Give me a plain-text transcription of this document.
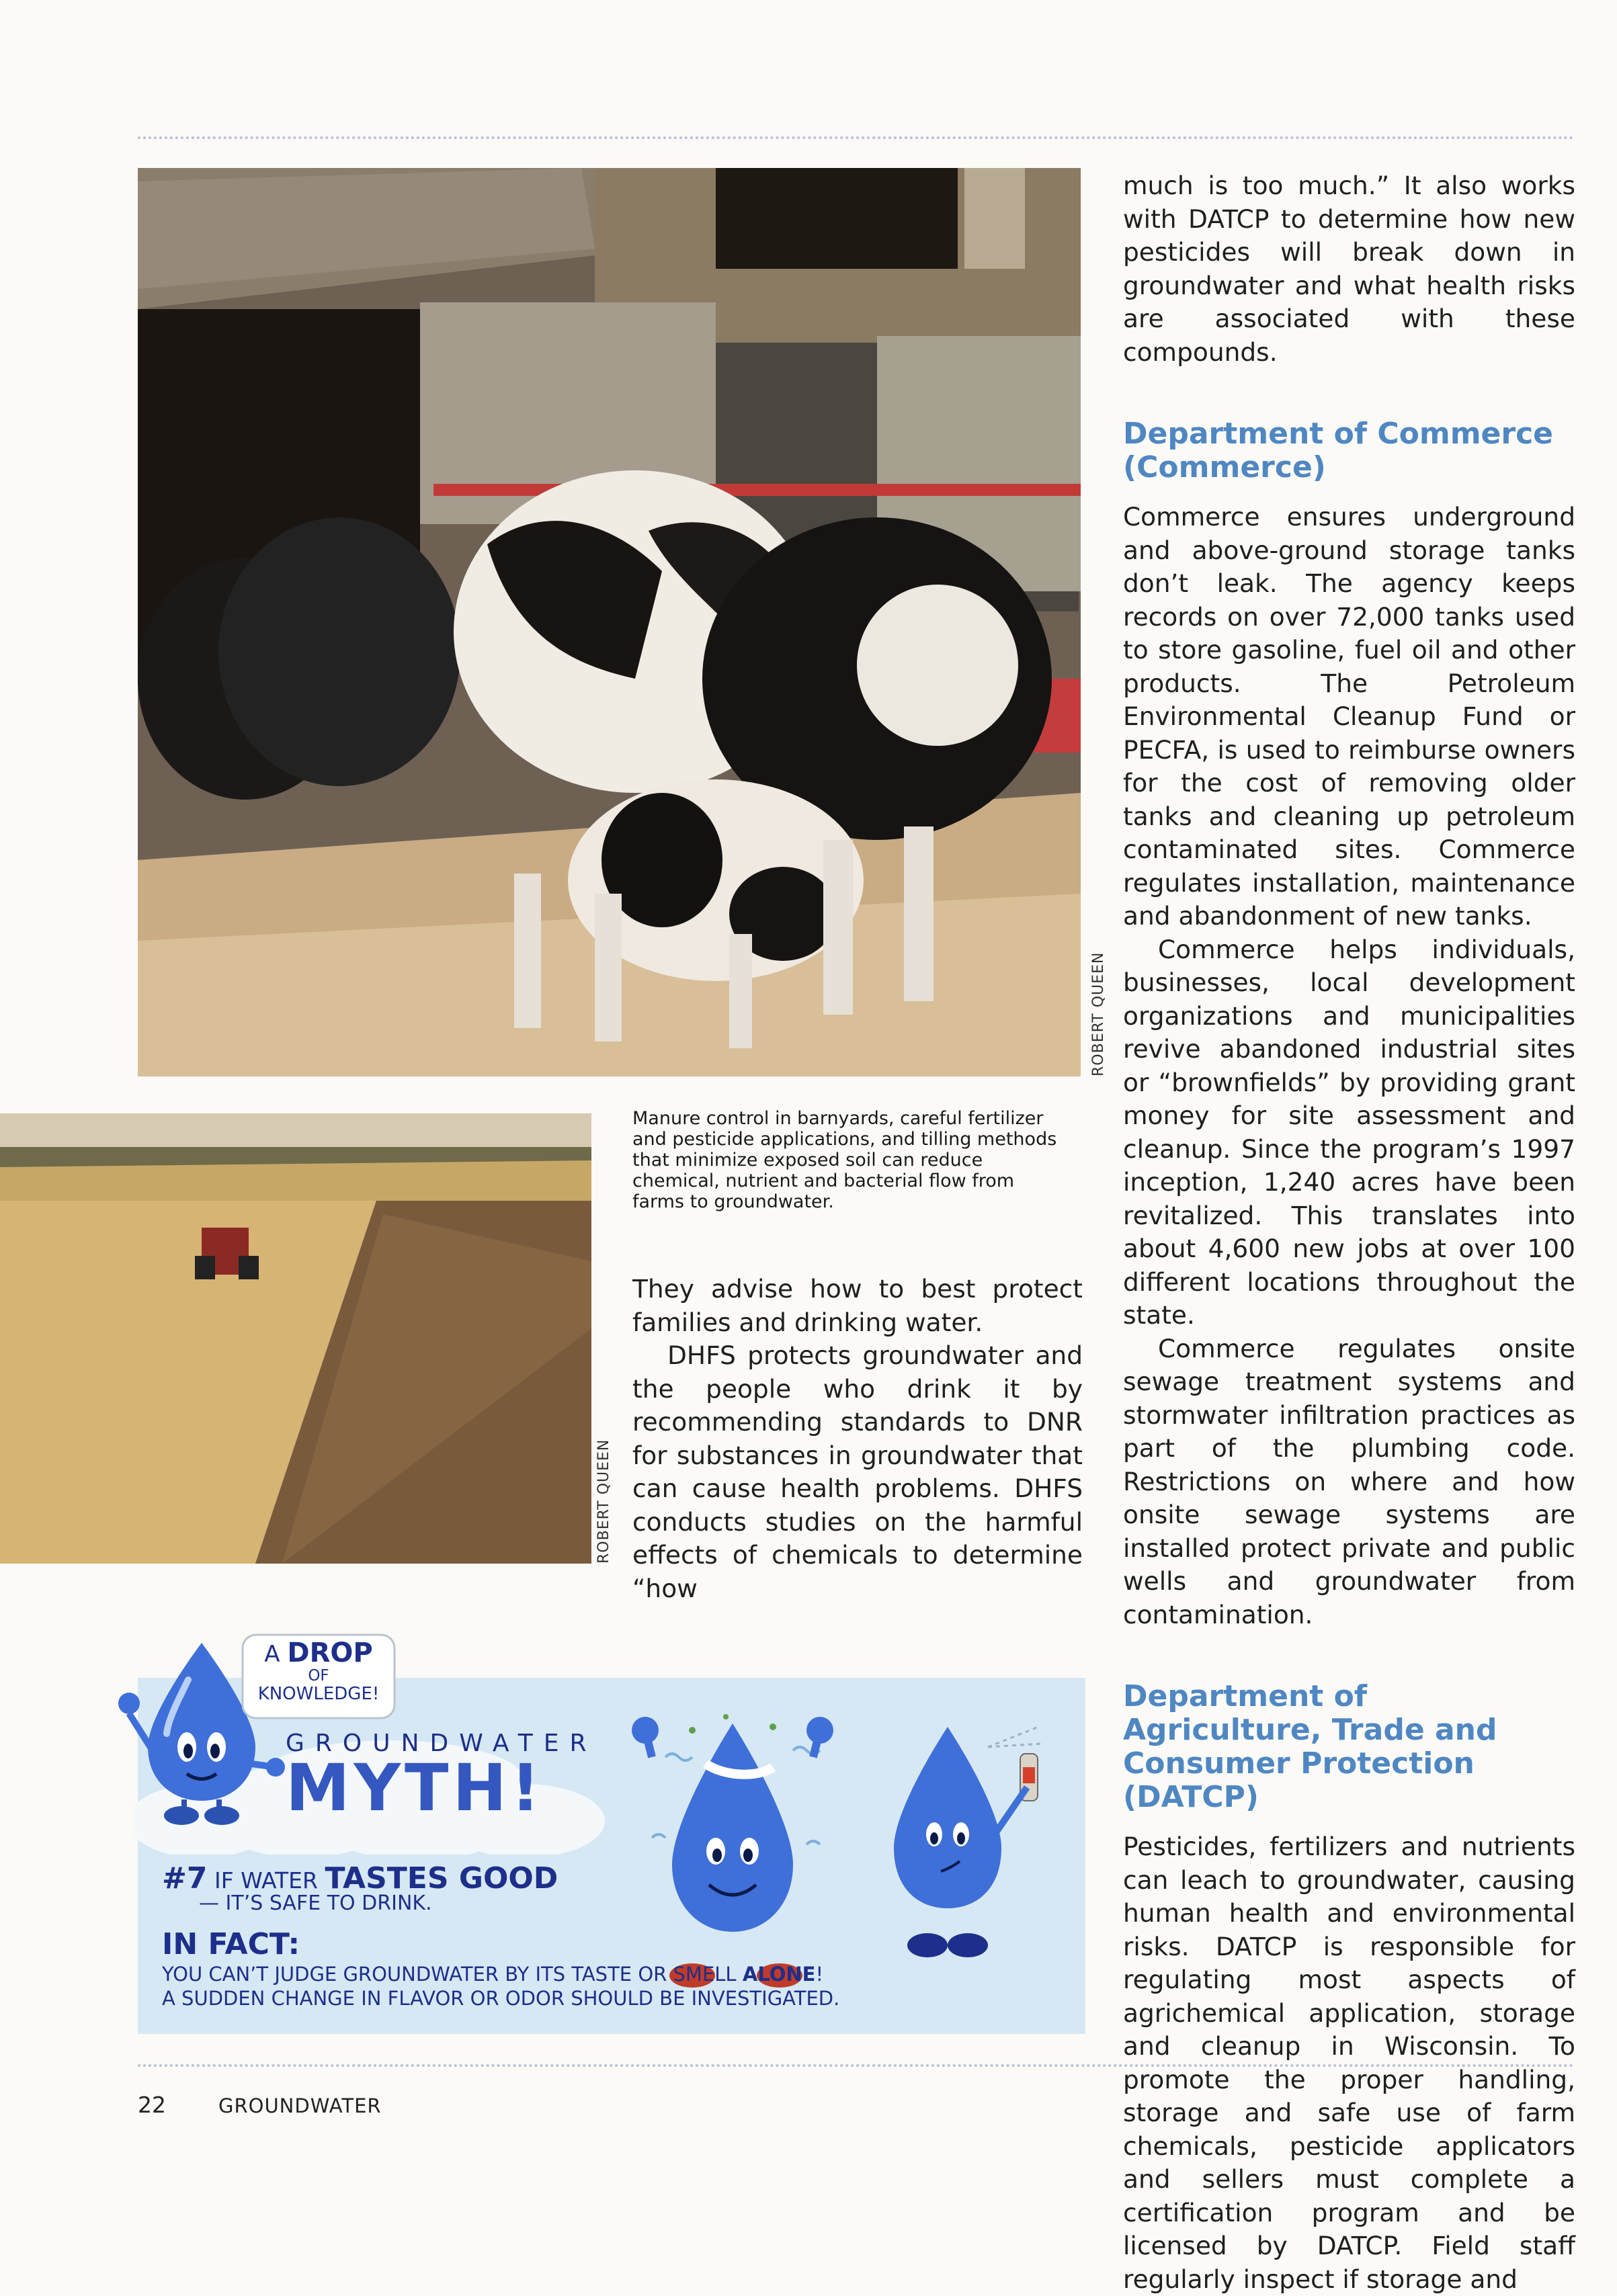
ROBERT QUEEN
ROBERT QUEEN
Manure control in barnyards, careful fertilizer and pesticide applications, and tilling methods that minimize exposed soil can reduce chemical, nutrient and bacterial flow from farms to groundwater.

They advise how to best protect families and drinking water.

DHFS protects groundwater and the people who drink it by recommending standards to DNR for substances in groundwater that can cause health problems. DHFS conducts studies on the harmful effects of chemicals to determine “how

much is too much.” It also works with DATCP to determine how new pesticides will break down in groundwater and what health risks are associated with these compounds.

Department of Commerce (Commerce)

Commerce ensures underground and above-ground storage tanks don’t leak. The agency keeps records on over 72,000 tanks used to store gasoline, fuel oil and other products. The Petroleum Environmental Cleanup Fund or PECFA, is used to reimburse owners for the cost of removing older tanks and cleaning up petroleum contaminated sites. Commerce regulates installation, maintenance and abandonment of new tanks.

Commerce helps individuals, businesses, local development organizations and municipalities revive abandoned industrial sites or “brownfields” by providing grant money for site assessment and cleanup. Since the program’s 1997 inception, 1,240 acres have been revitalized. This translates into about 4,600 new jobs at over 100 different locations throughout the state.

Commerce regulates onsite sewage treatment systems and stormwater infiltration practices as part of the plumbing code. Restrictions on where and how onsite sewage systems are installed protect private and public wells and groundwater from contamination.

Department of Agriculture, Trade and Consumer Protection (DATCP)

Pesticides, fertilizers and nutrients can leach to groundwater, causing human health and environmental risks. DATCP is responsible for regulating most aspects of agrichemical application, storage and cleanup in Wisconsin. To promote the proper handling, storage and safe use of farm chemicals, pesticide applicators and sellers must complete a certification program and be licensed by DATCP. Field staff regularly inspect if storage and

A DROP
OF
KNOWLEDGE!
GROUNDWATER
MYTH!
#7 IF WATER TASTES GOOD
— IT’S SAFE TO DRINK.
IN FACT:
YOU CAN’T JUDGE GROUNDWATER BY ITS TASTE OR SMELL ALONE!
A SUDDEN CHANGE IN FLAVOR OR ODOR SHOULD BE INVESTIGATED.
22	GROUNDWATER
